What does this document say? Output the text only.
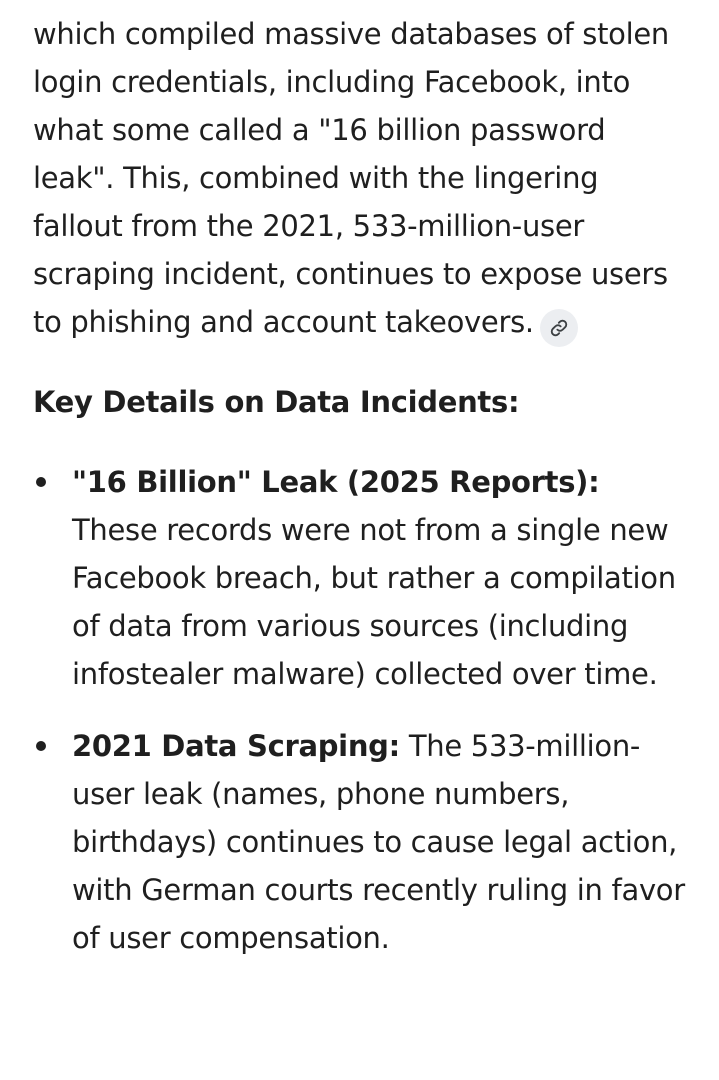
which compiled massive databases of stolen login credentials, including Facebook, into what some called a "16 billion password leak". This, combined with the lingering fallout from the 2021, 533-million-user scraping incident, continues to expose users to phishing and account takeovers.

Key Details on Data Incidents:
"16 Billion" Leak (2025 Reports): These records were not from a single new Facebook breach, but rather a compilation of data from various sources (including infostealer malware) collected over time.
2021 Data Scraping: The 533-million-user leak (names, phone numbers, birthdays) continues to cause legal action, with German courts recently ruling in favor of user compensation.
